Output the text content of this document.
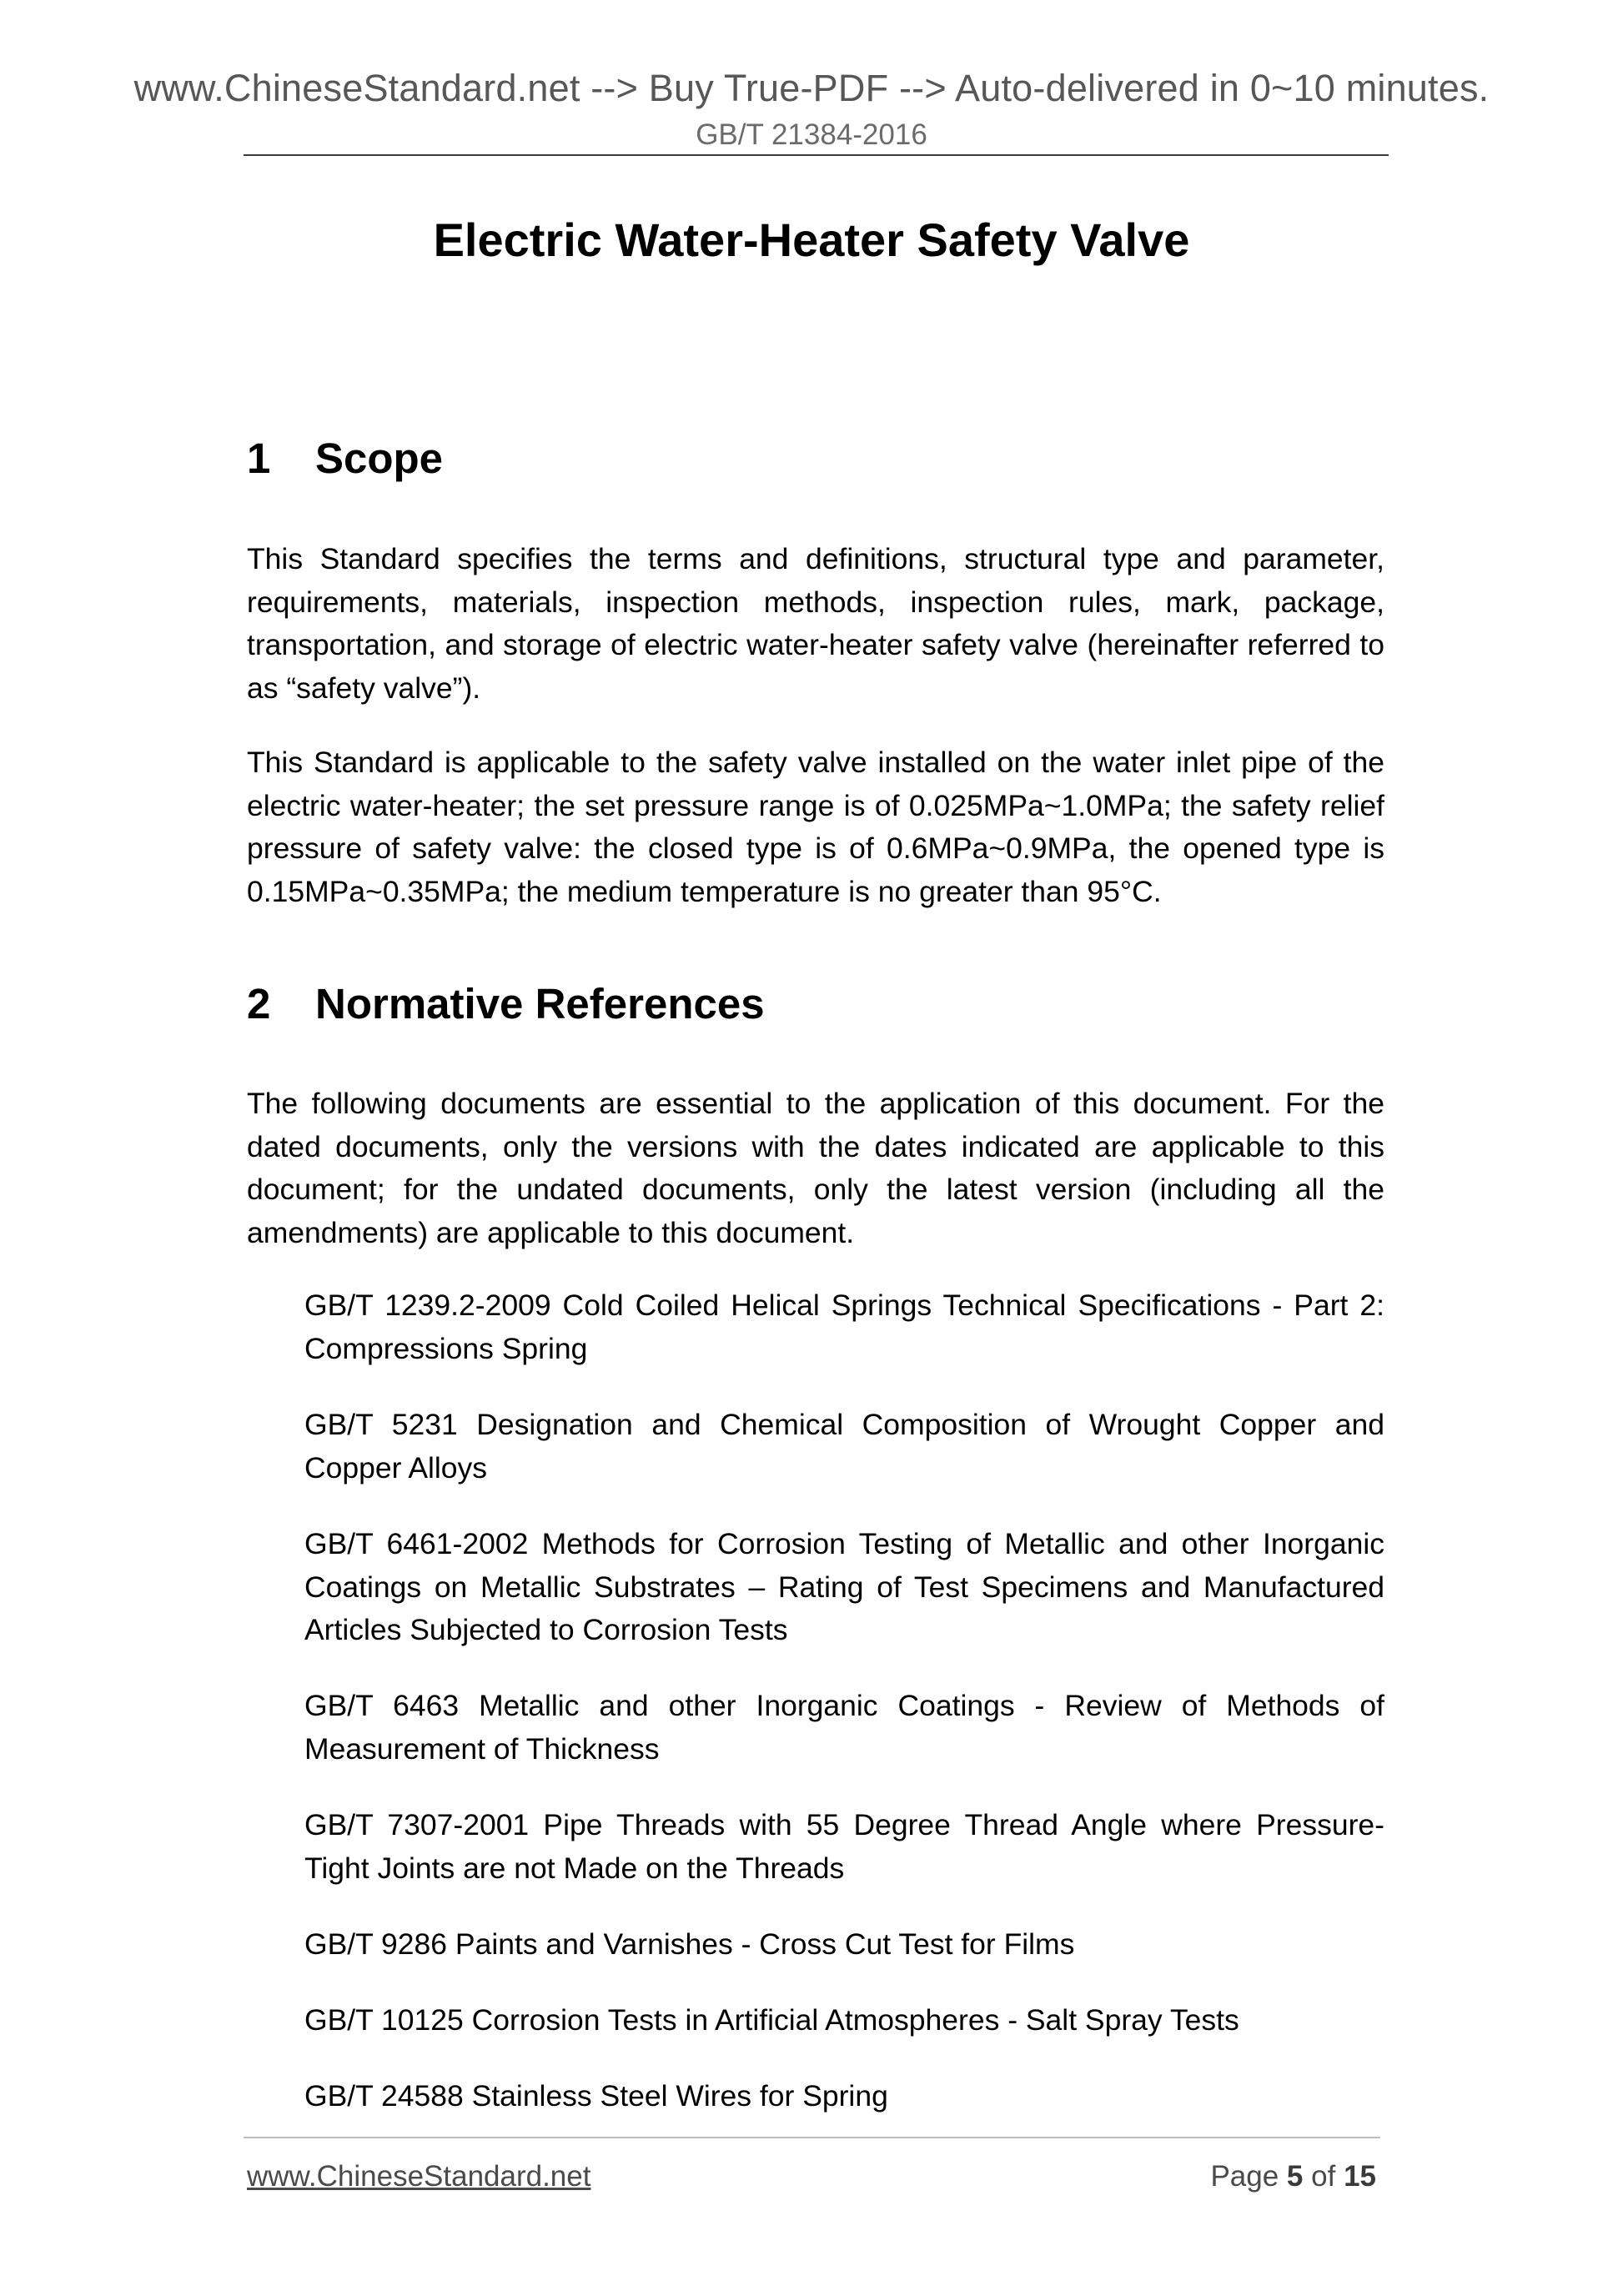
www.ChineseStandard.net --> Buy True-PDF --> Auto-delivered in 0~10 minutes.
GB/T 21384-2016
Electric Water-Heater Safety Valve
1 Scope
This Standard specifies the terms and definitions, structural type and parameter, requirements, materials, inspection methods, inspection rules, mark, package, transportation, and storage of electric water-heater safety valve (hereinafter referred to as “safety valve”).
This Standard is applicable to the safety valve installed on the water inlet pipe of the electric water-heater; the set pressure range is of 0.025MPa~1.0MPa; the safety relief pressure of safety valve: the closed type is of 0.6MPa~0.9MPa, the opened type is 0.15MPa~0.35MPa; the medium temperature is no greater than 95°C.
2 Normative References
The following documents are essential to the application of this document. For the dated documents, only the versions with the dates indicated are applicable to this document; for the undated documents, only the latest version (including all the amendments) are applicable to this document.
GB/T 1239.2-2009 Cold Coiled Helical Springs Technical Specifications - Part 2: Compressions Spring
GB/T 5231 Designation and Chemical Composition of Wrought Copper and Copper Alloys
GB/T 6461-2002 Methods for Corrosion Testing of Metallic and other Inorganic Coatings on Metallic Substrates – Rating of Test Specimens and Manufactured Articles Subjected to Corrosion Tests
GB/T 6463 Metallic and other Inorganic Coatings - Review of Methods of Measurement of Thickness
GB/T 7307-2001 Pipe Threads with 55 Degree Thread Angle where Pressure-Tight Joints are not Made on the Threads
GB/T 9286 Paints and Varnishes - Cross Cut Test for Films
GB/T 10125 Corrosion Tests in Artificial Atmospheres - Salt Spray Tests
GB/T 24588 Stainless Steel Wires for Spring
www.ChineseStandard.net	Page 5 of 15
